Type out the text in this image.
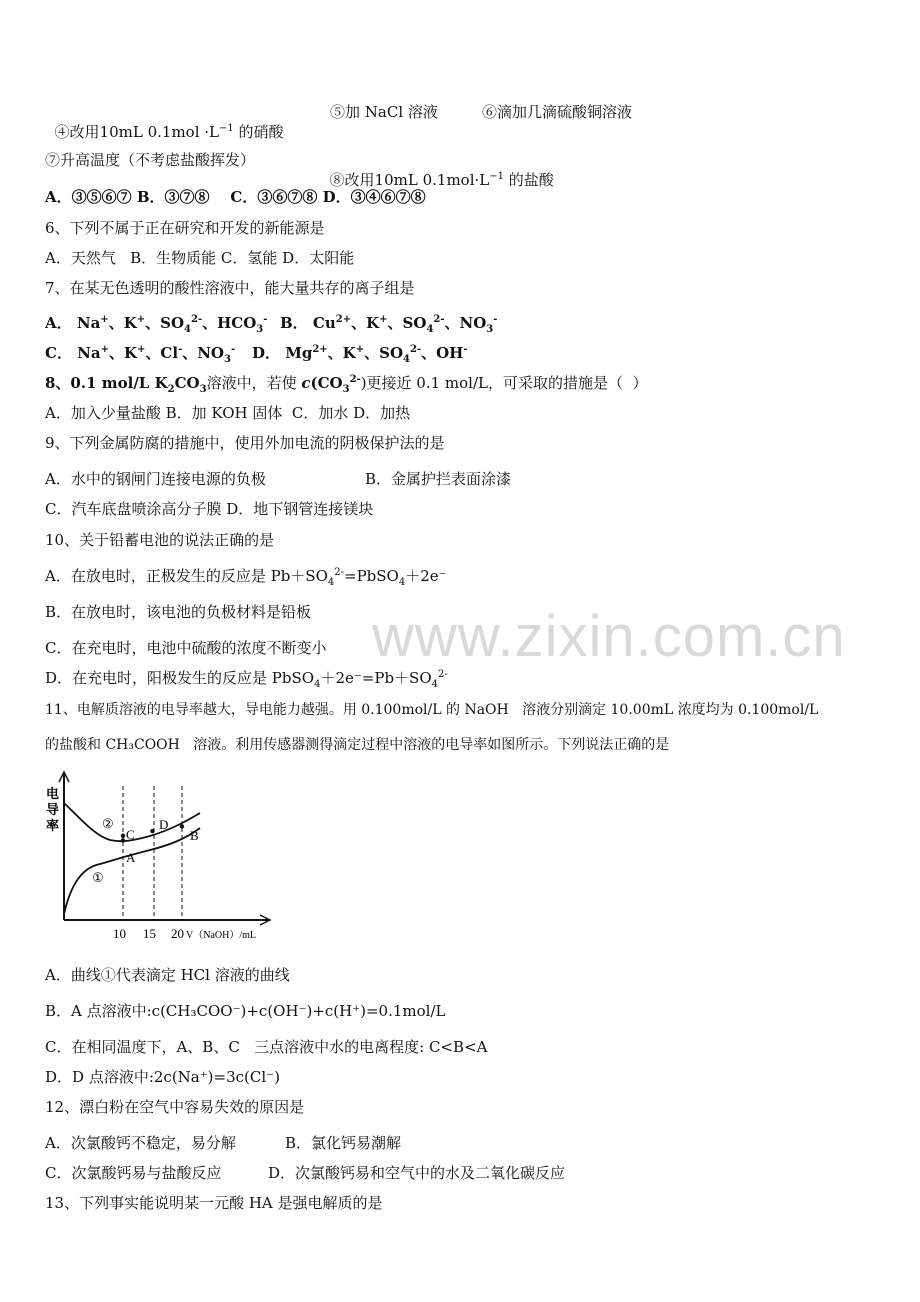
www.zixin.com.cn

④改用10mL $0.1mol \cdot L^{-1}$ 的硝酸

⑤加 NaCl 溶液	⑥滴加几滴硫酸铜溶液
⑦升高温度（不考虑盐酸挥发）

⑧改用10mL $0.1mol\cdot L^{-1}$ 的盐酸

A．③⑤⑥⑦ B．③⑦⑧    C．③⑥⑦⑧ D．③④⑥⑦⑧
6、下列不属于正在研究和开发的新能源是
A．天然气   B．生物质能 C．氢能 D．太阳能
7、在某无色透明的酸性溶液中，能大量共存的离子组是
A． Na+、K+、$SO_4^{2-}$、$HCO_3^-$ B． $Cu^{2+}$、K+、$SO_4^{2-}$、$NO_3^-$
C． Na+、K+、Cl-、$NO_3^-$ D． $Mg^{2+}$、K+、$SO_4^{2-}$、OH-
8、0.1 mol/L $K_2CO_3$溶液中，若使 $c(CO_3^{2-})$更接近 0.1 mol/L，可采取的措施是（  ）
A．加入少量盐酸 B．加 KOH 固体  C．加水 D．加热
9、下列金属防腐的措施中，使用外加电流的阴极保护法的是
A．水中的钢闸门连接电源的负极	B．金属护拦表面涂漆
C．汽车底盘喷涂高分子膜 D．地下钢管连接镁块
10、关于铅蓄电池的说法正确的是
A．在放电时，正极发生的反应是 $Pb+SO_4^{2-}=PbSO_4+2e^-$
B．在放电时，该电池的负极材料是铅板
C．在充电时，电池中硫酸的浓度不断变小
D．在充电时，阳极发生的反应是 $PbSO_4+2e^-=Pb+SO_4^{2-}$
11、电解质溶液的电导率越大，导电能力越强。用 0.100mol/L 的 NaOH   溶液分别滴定 10.00mL 浓度均为 0.100mol/L
的盐酸和 CH₃COOH   溶液。利用传感器测得滴定过程中溶液的电导率如图所示。下列说法正确的是
电
导
率
①
②
A
C
D
B
10 15 20 V（NaOH）/mL
A．曲线①代表滴定 HCl 溶液的曲线
B．A 点溶液中:c(CH₃COO⁻)+c(OH⁻)+c(H⁺)=0.1mol/L
C．在相同温度下，A、B、C   三点溶液中水的电离程度: C<B<A
D．D 点溶液中:2c(Na⁺)=3c(Cl⁻)
12、漂白粉在空气中容易失效的原因是
A．次氯酸钙不稳定，易分解	B．氯化钙易潮解
C．次氯酸钙易与盐酸反应	D．次氯酸钙易和空气中的水及二氧化碳反应
13、下列事实能说明某一元酸 HA 是强电解质的是
